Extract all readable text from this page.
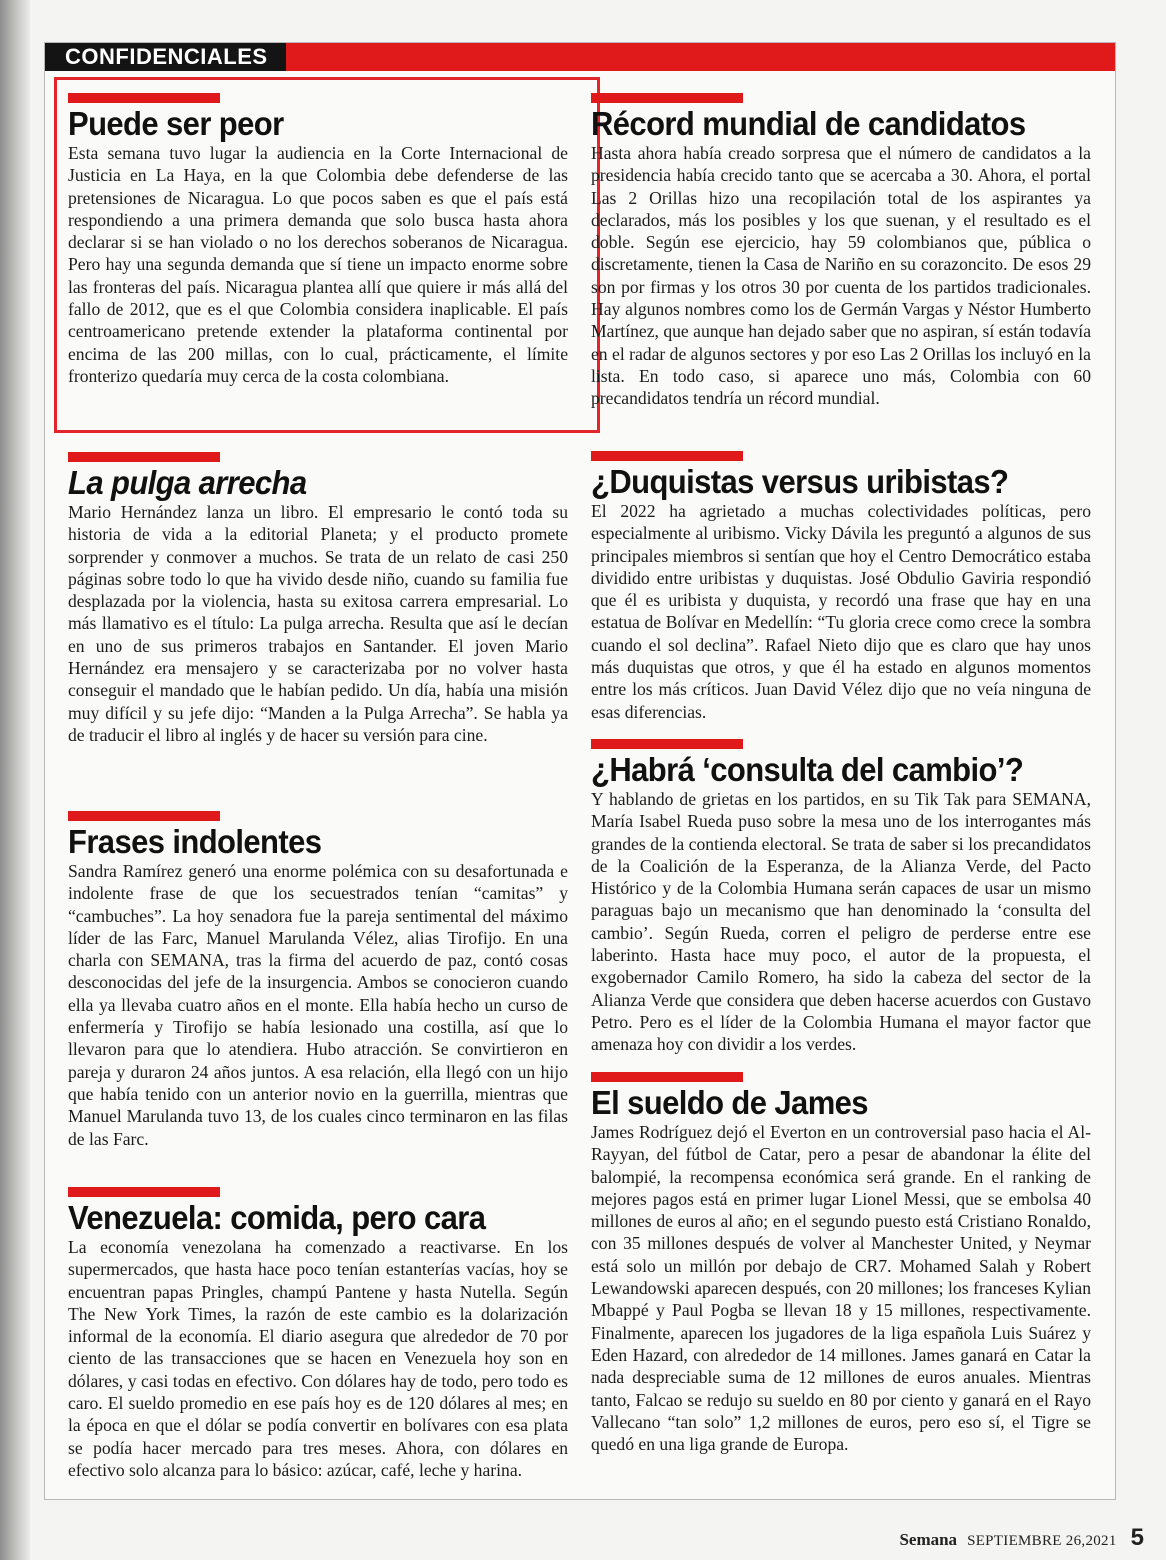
CONFIDENCIALES
Puede ser peor

Esta semana tuvo lugar la audiencia en la Corte Internacional de Justicia en La Haya, en la que Colombia debe defenderse de las pretensiones de Nicaragua. Lo que pocos saben es que el país está respondiendo a una primera demanda que solo busca hasta ahora declarar si se han violado o no los derechos soberanos de Nicaragua. Pero hay una segunda demanda que sí tiene un impacto enorme sobre las fronteras del país. Nicaragua plantea allí que quiere ir más allá del fallo de 2012, que es el que Colombia considera inaplicable. El país centroamericano pretende extender la plataforma continental por encima de las 200 millas, con lo cual, prácticamente, el límite fronterizo quedaría muy cerca de la costa colombiana.

La pulga arrecha

Mario Hernández lanza un libro. El empresario le contó toda su historia de vida a la editorial Planeta; y el producto promete sorprender y conmover a muchos. Se trata de un relato de casi 250 páginas sobre todo lo que ha vivido desde niño, cuando su familia fue desplazada por la violencia, hasta su exitosa carrera empresarial. Lo más llamativo es el título: La pulga arrecha. Resulta que así le decían en uno de sus primeros trabajos en Santander. El joven Mario Hernández era mensajero y se caracterizaba por no volver hasta conseguir el mandado que le habían pedido. Un día, había una misión muy difícil y su jefe dijo: “Manden a la Pulga Arrecha”. Se habla ya de traducir el libro al inglés y de hacer su versión para cine.

Frases indolentes

Sandra Ramírez generó una enorme polémica con su desafortunada e indolente frase de que los secuestrados tenían “camitas” y “cambuches”. La hoy senadora fue la pareja sentimental del máximo líder de las Farc, Manuel Marulanda Vélez, alias Tirofijo. En una charla con SEMANA, tras la firma del acuerdo de paz, contó cosas desconocidas del jefe de la insurgencia. Ambos se conocieron cuando ella ya llevaba cuatro años en el monte. Ella había hecho un curso de enfermería y Tirofijo se había lesionado una costilla, así que lo llevaron para que lo atendiera. Hubo atracción. Se convirtieron en pareja y duraron 24 años juntos. A esa relación, ella llegó con un hijo que había tenido con un anterior novio en la guerrilla, mientras que Manuel Marulanda tuvo 13, de los cuales cinco terminaron en las filas de las Farc.

Venezuela: comida, pero cara

La economía venezolana ha comenzado a reactivarse. En los supermercados, que hasta hace poco tenían estanterías vacías, hoy se encuentran papas Pringles, champú Pantene y hasta Nutella. Según The New York Times, la razón de este cambio es la dolarización informal de la economía. El diario asegura que alrededor de 70 por ciento de las transacciones que se hacen en Venezuela hoy son en dólares, y casi todas en efectivo. Con dólares hay de todo, pero todo es caro. El sueldo promedio en ese país hoy es de 120 dólares al mes; en la época en que el dólar se podía convertir en bolívares con esa plata se podía hacer mercado para tres meses. Ahora, con dólares en efectivo solo alcanza para lo básico: azúcar, café, leche y harina.

Récord mundial de candidatos

Hasta ahora había creado sorpresa que el número de candidatos a la presidencia había crecido tanto que se acercaba a 30. Ahora, el portal Las 2 Orillas hizo una recopilación total de los aspirantes ya declarados, más los posibles y los que suenan, y el resultado es el doble. Según ese ejercicio, hay 59 colombianos que, pública o discretamente, tienen la Casa de Nariño en su corazoncito. De esos 29 son por firmas y los otros 30 por cuenta de los partidos tradicionales. Hay algunos nombres como los de Germán Vargas y Néstor Humberto Martínez, que aunque han dejado saber que no aspiran, sí están todavía en el radar de algunos sectores y por eso Las 2 Orillas los incluyó en la lista. En todo caso, si aparece uno más, Colombia con 60 precandidatos tendría un récord mundial.

¿Duquistas versus uribistas?

El 2022 ha agrietado a muchas colectividades políticas, pero especialmente al uribismo. Vicky Dávila les preguntó a algunos de sus principales miembros si sentían que hoy el Centro Democrático estaba dividido entre uribistas y duquistas. José Obdulio Gaviria respondió que él es uribista y duquista, y recordó una frase que hay en una estatua de Bolívar en Medellín: “Tu gloria crece como crece la sombra cuando el sol declina”. Rafael Nieto dijo que es claro que hay unos más duquistas que otros, y que él ha estado en algunos momentos entre los más críticos. Juan David Vélez dijo que no veía ninguna de esas diferencias.

¿Habrá ‘consulta del cambio’?

Y hablando de grietas en los partidos, en su Tik Tak para SEMANA, María Isabel Rueda puso sobre la mesa uno de los interrogantes más grandes de la contienda electoral. Se trata de saber si los precandidatos de la Coalición de la Esperanza, de la Alianza Verde, del Pacto Histórico y de la Colombia Humana serán capaces de usar un mismo paraguas bajo un mecanismo que han denominado la ‘consulta del cambio’. Según Rueda, corren el peligro de perderse entre ese laberinto. Hasta hace muy poco, el autor de la propuesta, el exgobernador Camilo Romero, ha sido la cabeza del sector de la Alianza Verde que considera que deben hacerse acuerdos con Gustavo Petro. Pero es el líder de la Colombia Humana el mayor factor que amenaza hoy con dividir a los verdes.

El sueldo de James

James Rodríguez dejó el Everton en un controversial paso hacia el Al-Rayyan, del fútbol de Catar, pero a pesar de abandonar la élite del balompié, la recompensa económica será grande. En el ranking de mejores pagos está en primer lugar Lionel Messi, que se embolsa 40 millones de euros al año; en el segundo puesto está Cristiano Ronaldo, con 35 millones después de volver al Manchester United, y Neymar está solo un millón por debajo de CR7. Mohamed Salah y Robert Lewandowski aparecen después, con 20 millones; los franceses Kylian Mbappé y Paul Pogba se llevan 18 y 15 millones, respectivamente. Finalmente, aparecen los jugadores de la liga española Luis Suárez y Eden Hazard, con alrededor de 14 millones. James ganará en Catar la nada despreciable suma de 12 millones de euros anuales. Mientras tanto, Falcao se redujo su sueldo en 80 por ciento y ganará en el Rayo Vallecano “tan solo” 1,2 millones de euros, pero eso sí, el Tigre se quedó en una liga grande de Europa.

Semana SEPTIEMBRE 26,2021 5
